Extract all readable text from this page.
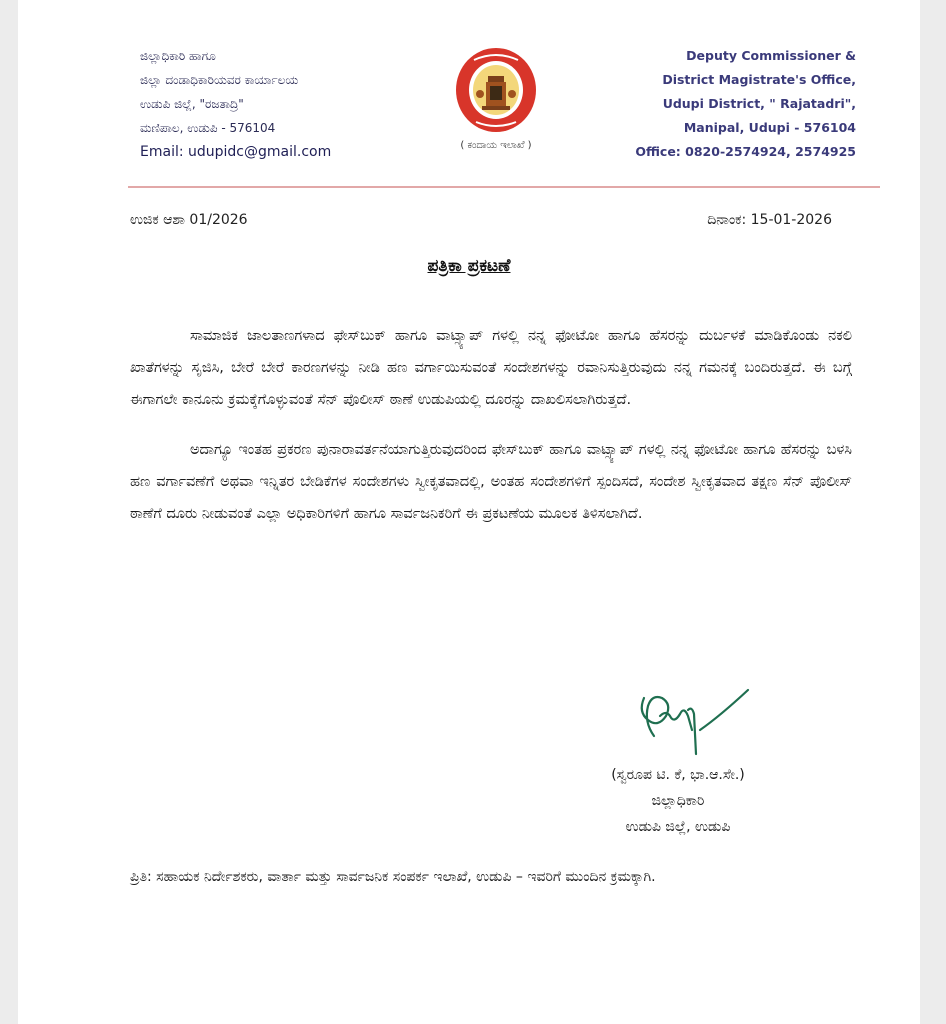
ಜಿಲ್ಲಾಧಿಕಾರಿ ಹಾಗೂ
ಜಿಲ್ಲಾ ದಂಡಾಧಿಕಾರಿಯವರ ಕಾರ್ಯಾಲಯ
ಉಡುಪಿ ಜಿಲ್ಲೆ, "ರಜತಾದ್ರಿ"
ಮಣಿಪಾಲ, ಉಡುಪಿ - 576104
Email: udupidc@gmail.com	( ಕಂದಾಯ ಇಲಾಖೆ )
Deputy Commissioner &
District Magistrate's Office,
Udupi District, " Rajatadri",
Manipal, Udupi - 576104
Office: 0820-2574924, 2574925
ಉಜಿಕ ಆಶಾ 01/2026	ದಿನಾಂಕ: 15-01-2026
ಪತ್ರಿಕಾ ಪ್ರಕಟಣೆ

ಸಾಮಾಜಿಕ ಜಾಲತಾಣಗಳಾದ ಫೇಸ್‌ಬುಕ್ ಹಾಗೂ ವಾಟ್ಸ್ಯಾಪ್ ಗಳಲ್ಲಿ ನನ್ನ ಫೋಟೋ ಹಾಗೂ ಹೆಸರನ್ನು ದುರ್ಬಳಕೆ ಮಾಡಿಕೊಂಡು ನಕಲಿ ಖಾತೆಗಳನ್ನು ಸೃಜಿಸಿ, ಬೇರೆ ಬೇರೆ ಕಾರಣಗಳನ್ನು ನೀಡಿ ಹಣ ವರ್ಗಾಯಿಸುವಂತೆ ಸಂದೇಶಗಳನ್ನು ರವಾನಿಸುತ್ತಿರುವುದು ನನ್ನ ಗಮನಕ್ಕೆ ಬಂದಿರುತ್ತದೆ. ಈ ಬಗ್ಗೆ ಈಗಾಗಲೇ ಕಾನೂನು ಕ್ರಮಕ್ಕೆಗೊಳ್ಳುವಂತೆ ಸೆನ್ ಪೊಲೀಸ್ ಠಾಣೆ ಉಡುಪಿಯಲ್ಲಿ ದೂರನ್ನು ದಾಖಲಿಸಲಾಗಿರುತ್ತದೆ.

ಅದಾಗ್ಯೂ ಇಂತಹ ಪ್ರಕರಣ ಪುನಾರಾವರ್ತನೆಯಾಗುತ್ತಿರುವುದರಿಂದ ಫೇಸ್‌ಬುಕ್ ಹಾಗೂ ವಾಟ್ಸ್ಯಾಪ್ ಗಳಲ್ಲಿ ನನ್ನ ಫೋಟೋ ಹಾಗೂ ಹೆಸರನ್ನು ಬಳಸಿ ಹಣ ವರ್ಗಾವಣೆಗೆ ಅಥವಾ ಇನ್ನಿತರ ಬೇಡಿಕೆಗಳ ಸಂದೇಶಗಳು ಸ್ವೀಕೃತವಾದಲ್ಲಿ, ಅಂತಹ ಸಂದೇಶಗಳಿಗೆ ಸ್ಪಂದಿಸದೆ, ಸಂದೇಶ ಸ್ವೀಕೃತವಾದ ತಕ್ಷಣ ಸೆನ್ ಪೊಲೀಸ್ ಠಾಣೆಗೆ ದೂರು ನೀಡುವಂತೆ ಎಲ್ಲಾ ಅಧಿಕಾರಿಗಳಿಗೆ ಹಾಗೂ ಸಾರ್ವಜನಿಕರಿಗೆ ಈ ಪ್ರಕಟಣೆಯ ಮೂಲಕ ತಿಳಿಸಲಾಗಿದೆ.

(ಸ್ವರೂಪ ಟಿ. ಕೆ, ಭಾ.ಆ.ಸೇ.)
ಜಿಲ್ಲಾಧಿಕಾರಿ
ಉಡುಪಿ ಜಿಲ್ಲೆ, ಉಡುಪಿ
ಪ್ರಿತಿ: ಸಹಾಯಕ ನಿರ್ದೇಶಕರು, ವಾರ್ತಾ ಮತ್ತು ಸಾರ್ವಜನಿಕ ಸಂಪರ್ಕ ಇಲಾಖೆ, ಉಡುಪಿ – ಇವರಿಗೆ ಮುಂದಿನ ಕ್ರಮಕ್ಕಾಗಿ.
